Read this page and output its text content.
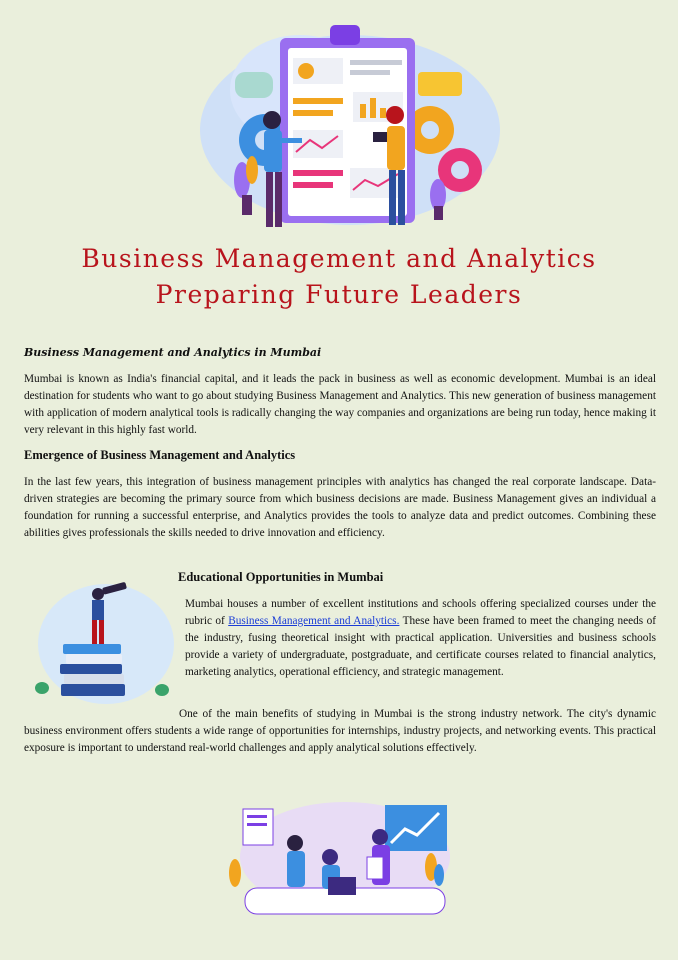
Business Management and Analytics
Preparing Future Leaders
Business Management and Analytics in Mumbai

Mumbai is known as India's financial capital, and it leads the pack in business as well as economic development. Mumbai is an ideal destination for students who want to go about studying Business Management and Analytics. This new generation of business management with application of modern analytical tools is radically changing the way companies and organizations are being run today, hence making it very relevant in this highly fast world.

Emergence of Business Management and Analytics

In the last few years, this integration of business management principles with analytics has changed the real corporate landscape. Data-driven strategies are becoming the primary source from which business decisions are made. Business Management gives an individual a foundation for running a successful enterprise, and Analytics provides the tools to analyze data and predict outcomes. Combining these abilities gives professionals the skills needed to drive innovation and efficiency.

Educational Opportunities in Mumbai

Mumbai houses a number of excellent institutions and schools offering specialized courses under the rubric of Business Management and Analytics. These have been framed to meet the changing needs of the industry, fusing theoretical insight with practical application. Universities and business schools provide a variety of undergraduate, postgraduate, and certificate courses related to financial analytics, marketing analytics, operational efficiency, and strategic management.

One of the main benefits of studying in Mumbai is the strong industry network. The city's dynamic business environment offers students a wide range of opportunities for internships, industry projects, and networking events. This practical exposure is important to understand real-world challenges and apply analytical solutions effectively.
